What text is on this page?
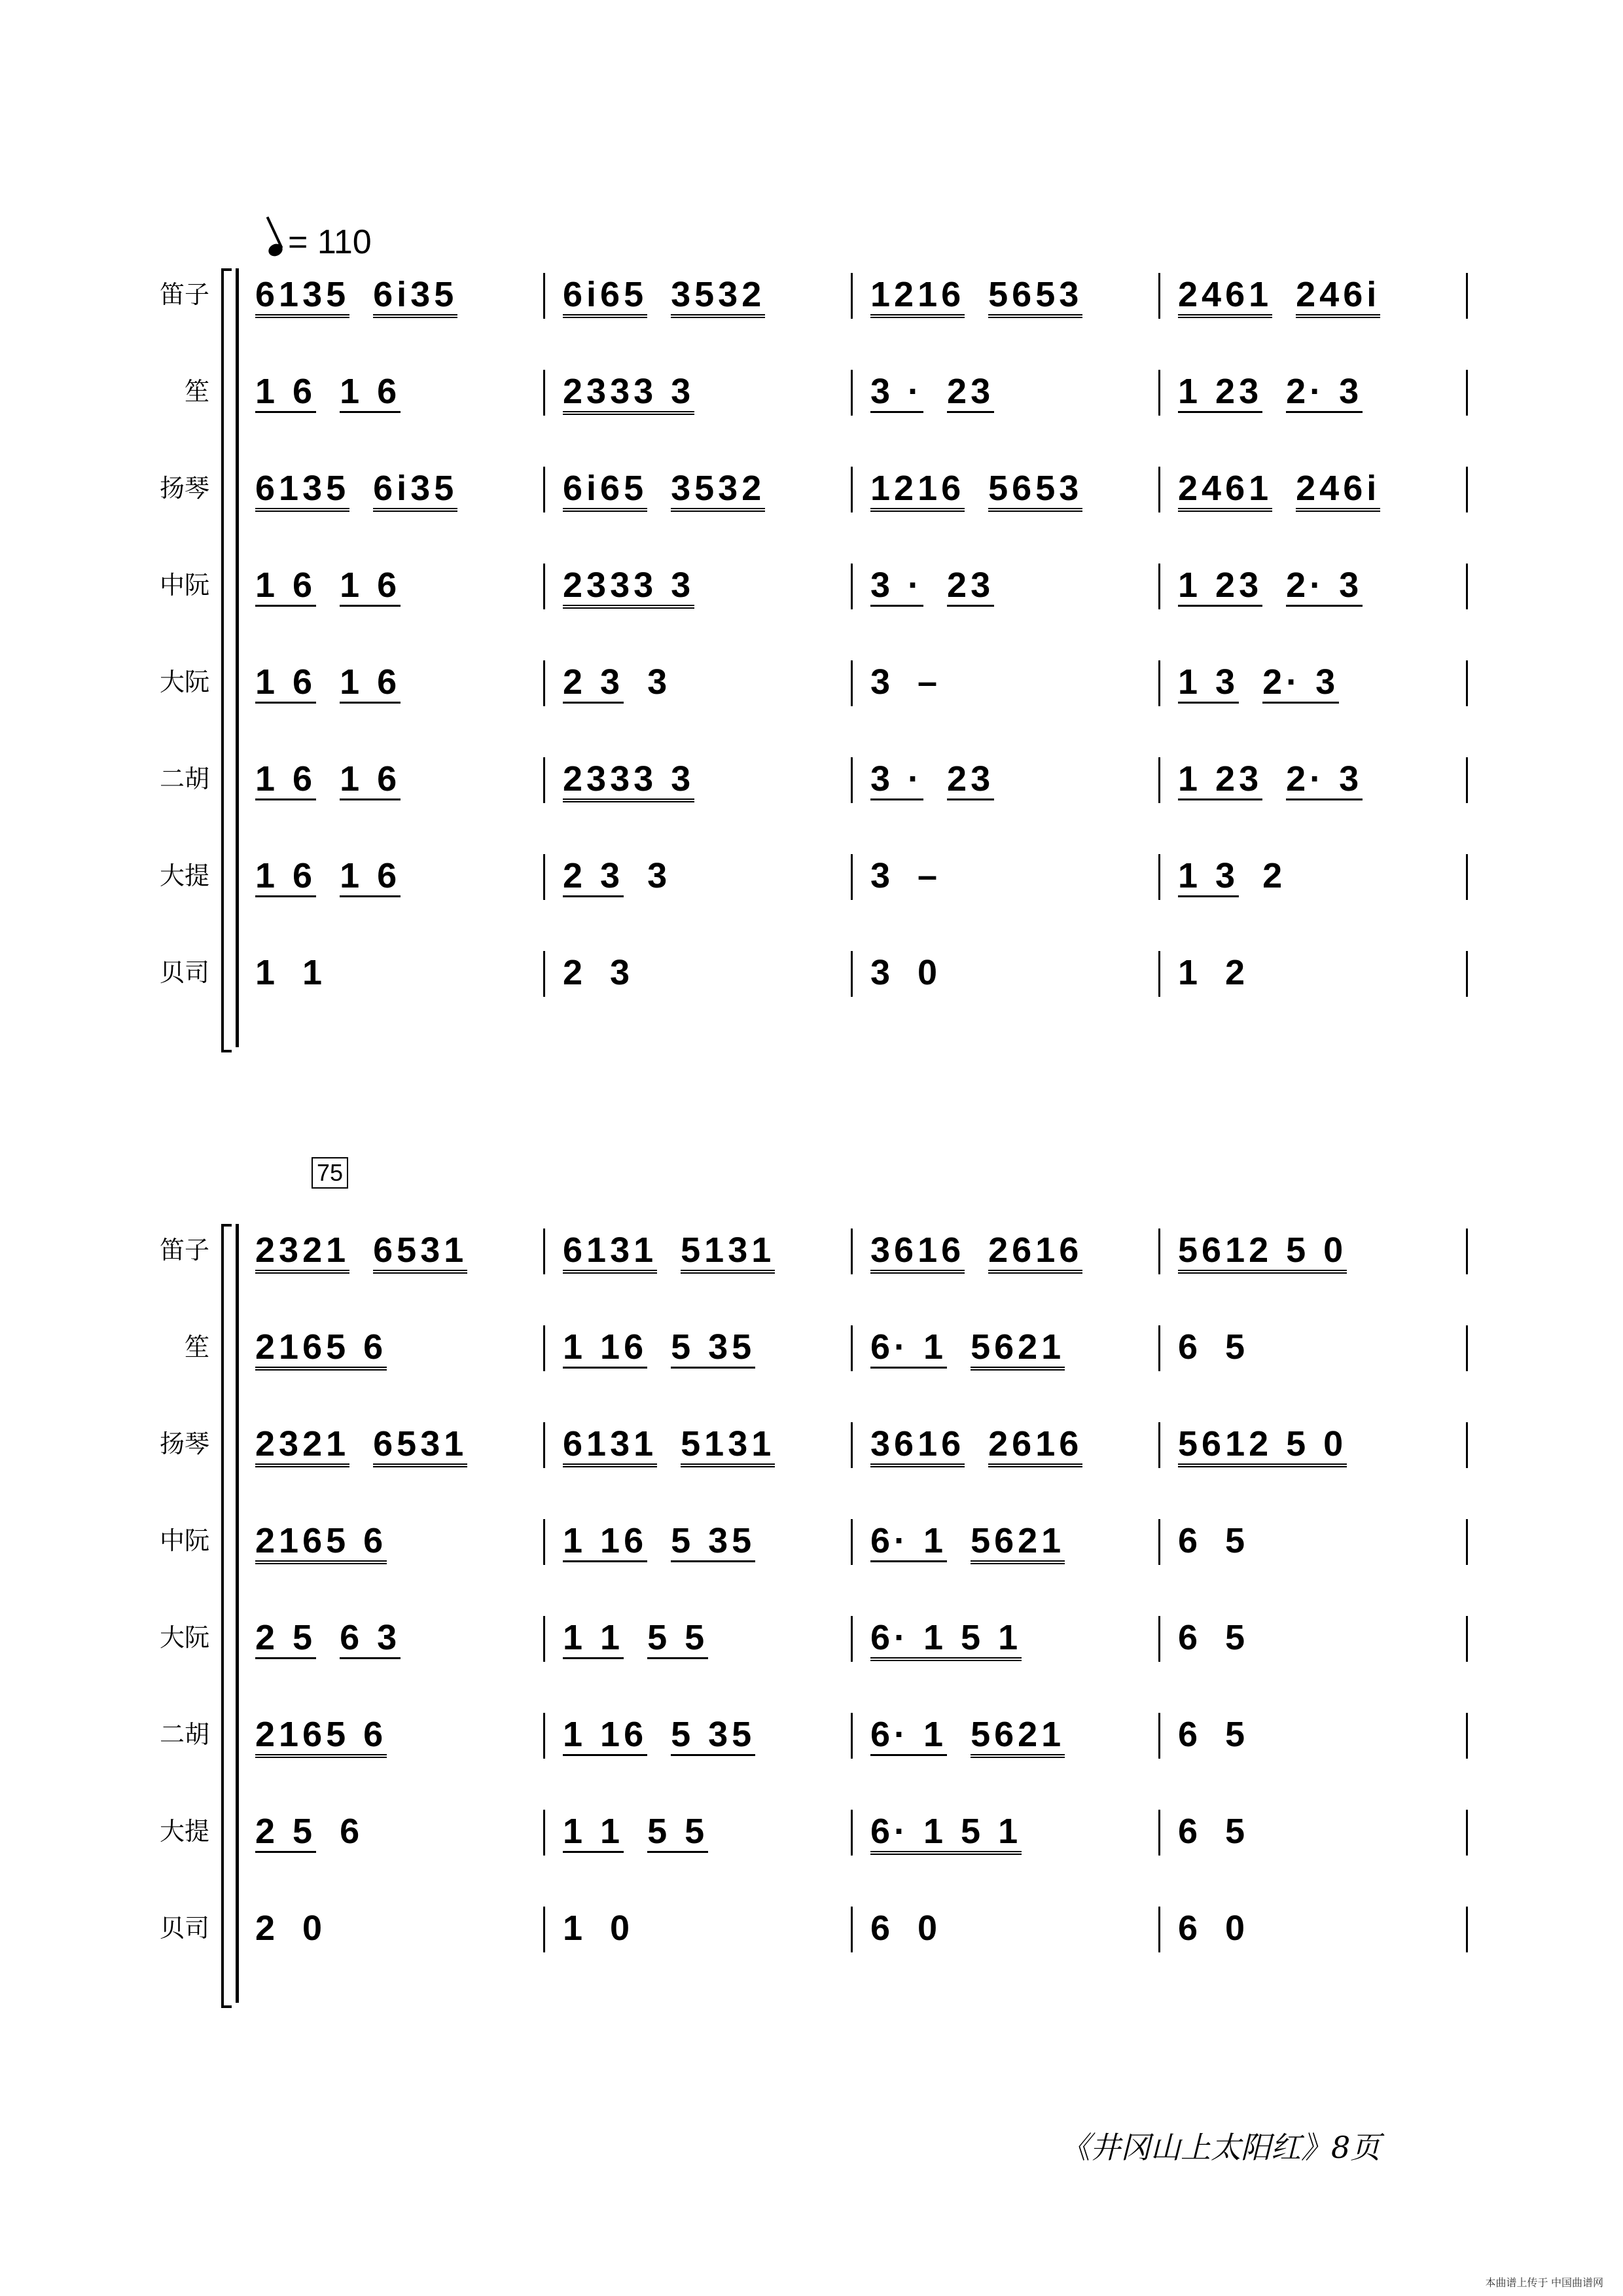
= 110
笛子 6135 6i35	6i65 3532	1216 5653	2461 246i
笙 1 6 1 6	2333 3	3 · 23	1 23 2· 3
扬琴 6135 6i35	6i65 3532	1216 5653	2461 246i
中阮 1 6 1 6	2333 3	3 · 23	1 23 2· 3
大阮 1 6 1 6	2 3 3	3 –	1 3 2· 3
二胡 1 6 1 6	2333 3	3 · 23	1 23 2· 3
大提 1 6 1 6	2 3 3	3 –	1 3 2
贝司 1 1	2 3	3 0	1 2
75
笛子 2321 6531	6131 5131	3616 2616	5612 5 0
笙 2165 6	1 16 5 35	6· 1 5621	6 5
扬琴 2321 6531	6131 5131	3616 2616	5612 5 0
中阮 2165 6	1 16 5 35	6· 1 5621	6 5
大阮 2 5 6 3	1 1 5 5	6· 1 5 1	6 5
二胡 2165 6	1 16 5 35	6· 1 5621	6 5
大提 2 5 6	1 1 5 5	6· 1 5 1	6 5
贝司 2 0	1 0	6 0	6 0
《井冈山上太阳红》8页
本曲谱上传于 中国曲谱网
